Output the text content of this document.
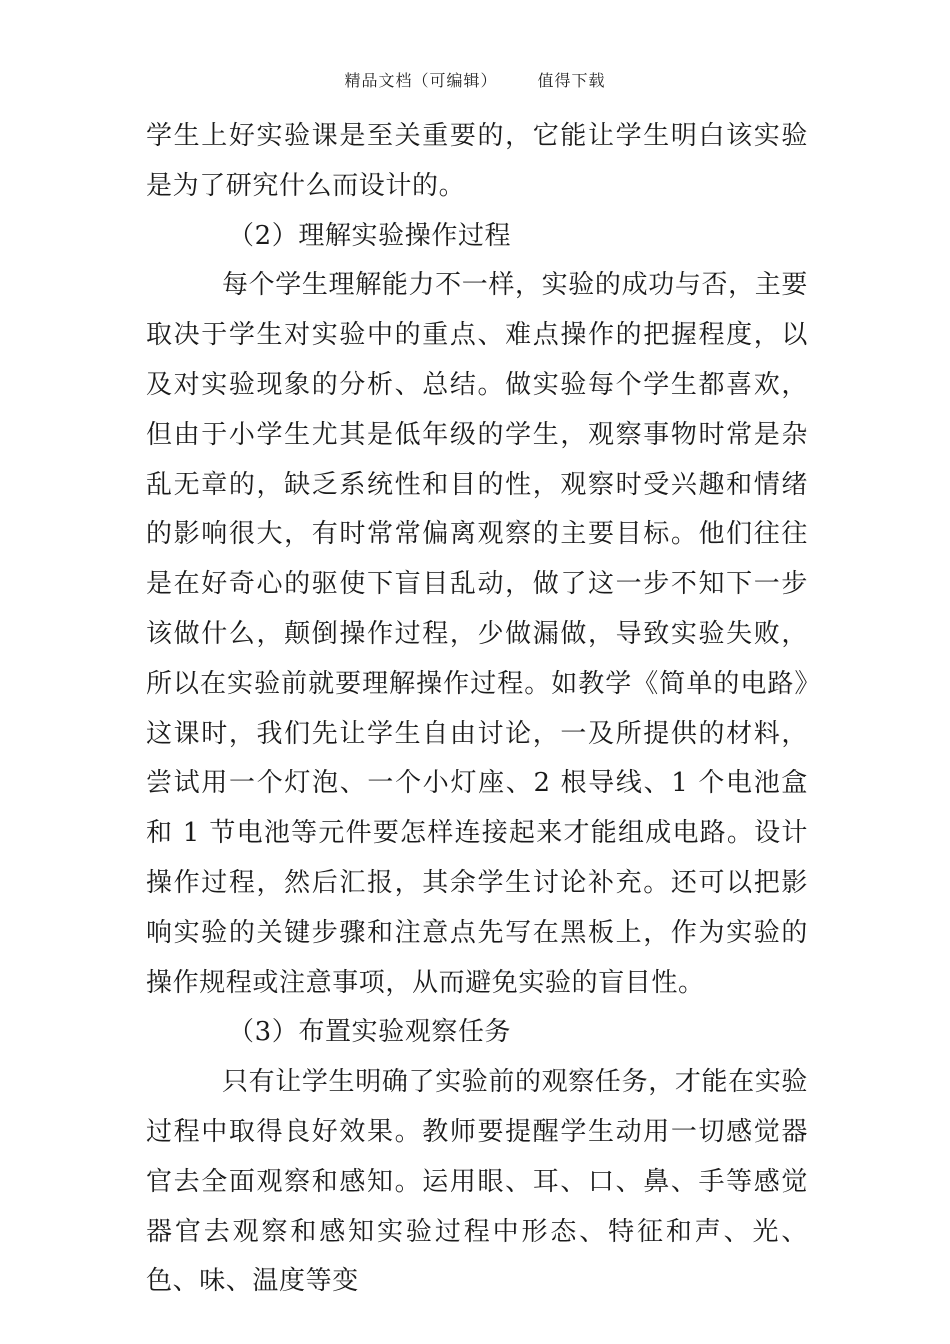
精品文档（可编辑）	值得下载

学生上好实验课是至关重要的，它能让学生明白该实验是为了研究什么而设计的。

（2）理解实验操作过程

每个学生理解能力不一样，实验的成功与否，主要取决于学生对实验中的重点、难点操作的把握程度，以及对实验现象的分析、总结。做实验每个学生都喜欢，但由于小学生尤其是低年级的学生，观察事物时常是杂乱无章的，缺乏系统性和目的性，观察时受兴趣和情绪的影响很大，有时常常偏离观察的主要目标。他们往往是在好奇心的驱使下盲目乱动，做了这一步不知下一步该做什么，颠倒操作过程，少做漏做，导致实验失败，所以在实验前就要理解操作过程。如教学《简单的电路》这课时，我们先让学生自由讨论，一及所提供的材料，尝试用一个灯泡、一个小灯座、2 根导线、1 个电池盒和 1 节电池等元件要怎样连接起来才能组成电路。设计操作过程，然后汇报，其余学生讨论补充。还可以把影响实验的关键步骤和注意点先写在黑板上，作为实验的操作规程或注意事项，从而避免实验的盲目性。

（3）布置实验观察任务

只有让学生明确了实验前的观察任务，才能在实验过程中取得良好效果。教师要提醒学生动用一切感觉器官去全面观察和感知。运用眼、耳、口、鼻、手等感觉器官去观察和感知实验过程中形态、特征和声、光、色、味、温度等变
